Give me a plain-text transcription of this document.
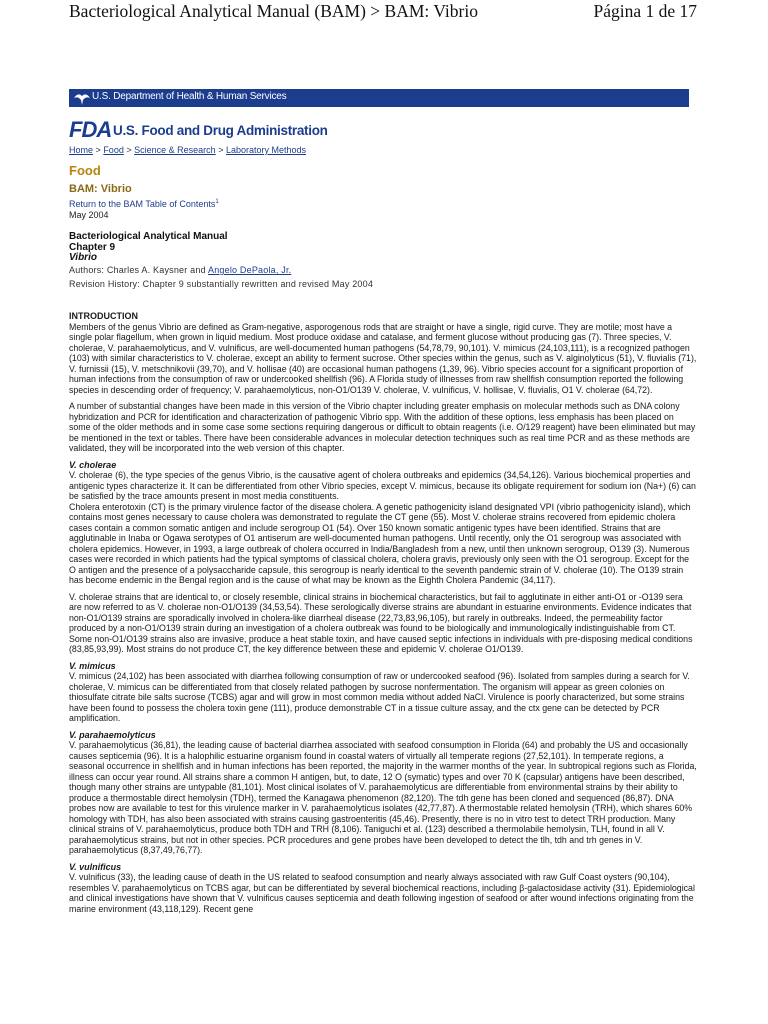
Bacteriological Analytical Manual (BAM) > BAM: Vibrio	Página 1 de 17
U.S. Department of Health & Human Services
FDA U.S. Food and Drug Administration
Home > Food > Science & Research > Laboratory Methods
Food
BAM: Vibrio
Return to the BAM Table of Contents$^1$
May 2004
Bacteriological Analytical Manual
Chapter 9
Vibrio
Authors: Charles A. Kaysner and Angelo DePaola, Jr.
Revision History: Chapter 9 substantially rewritten and revised May 2004
INTRODUCTION

Members of the genus Vibrio are defined as Gram-negative, asporogenous rods that are straight or have a single, rigid curve. They are motile; most have a single polar flagellum, when grown in liquid medium. Most produce oxidase and catalase, and ferment glucose without producing gas (7). Three species, V. cholerae, V. parahaemolyticus, and V. vulnificus, are well-documented human pathogens (54,78,79, 90,101). V. mimicus (24,103,111), is a recognized pathogen (103) with similar characteristics to V. cholerae, except an ability to ferment sucrose. Other species within the genus, such as V. alginolyticus (51), V. fluvialis (71), V. furnissii (15), V. metschnikovii (39,70), and V. hollisae (40) are occasional human pathogens (1,39, 96). Vibrio species account for a significant proportion of human infections from the consumption of raw or undercooked shellfish (96). A Florida study of illnesses from raw shellfish consumption reported the following species in descending order of frequency; V. parahaemolyticus, non-O1/O139 V. cholerae, V. vulnificus, V. hollisae, V. fluvialis, O1 V. cholerae (64,72).

A number of substantial changes have been made in this version of the Vibrio chapter including greater emphasis on molecular methods such as DNA colony hybridization and PCR for identification and characterization of pathogenic Vibrio spp. With the addition of these options, less emphasis has been placed on some of the older methods and in some case some sections requiring dangerous or difficult to obtain reagents (i.e. O/129 reagent) have been eliminated but may be mentioned in the text or tables. There have been considerable advances in molecular detection techniques such as real time PCR and as these methods are validated, they will be incorporated into the web version of this chapter.

V. cholerae

V. cholerae (6), the type species of the genus Vibrio, is the causative agent of cholera outbreaks and epidemics (34,54,126). Various biochemical properties and antigenic types characterize it. It can be differentiated from other Vibrio species, except V. mimicus, because its obligate requirement for sodium ion (Na+) (6) can be satisfied by the trace amounts present in most media constituents.

Cholera enterotoxin (CT) is the primary virulence factor of the disease cholera. A genetic pathogenicity island designated VPI (vibrio pathogenicity island), which contains most genes necessary to cause cholera was demonstrated to regulate the CT gene (55). Most V. cholerae strains recovered from epidemic cholera cases contain a common somatic antigen and include serogroup O1 (54). Over 150 known somatic antigenic types have been identified. Strains that are agglutinable in Inaba or Ogawa serotypes of O1 antiserum are well-documented human pathogens. Until recently, only the O1 serogroup was associated with cholera epidemics. However, in 1993, a large outbreak of cholera occurred in India/Bangladesh from a new, until then unknown serogroup, O139 (3). Numerous cases were recorded in which patients had the typical symptoms of classical cholera, cholera gravis, previously only seen with the O1 serogroup. Except for the O antigen and the presence of a polysaccharide capsule, this serogroup is nearly identical to the seventh pandemic strain of V. cholerae (10). The O139 strain has become endemic in the Bengal region and is the cause of what may be known as the Eighth Cholera Pandemic (34,117).

V. cholerae strains that are identical to, or closely resemble, clinical strains in biochemical characteristics, but fail to agglutinate in either anti-O1 or -O139 sera are now referred to as V. cholerae non-O1/O139 (34,53,54). These serologically diverse strains are abundant in estuarine environments. Evidence indicates that non-O1/O139 strains are sporadically involved in cholera-like diarrheal disease (22,73,83,96,105), but rarely in outbreaks. Indeed, the permeability factor produced by a non-O1/O139 strain during an investigation of a cholera outbreak was found to be biologically and immunologically indistinguishable from CT. Some non-O1/O139 strains also are invasive, produce a heat stable toxin, and have caused septic infections in individuals with pre-disposing medical conditions (83,85,93,99). Most strains do not produce CT, the key difference between these and epidemic V. cholerae O1/O139.

V. mimicus

V. mimicus (24,102) has been associated with diarrhea following consumption of raw or undercooked seafood (96). Isolated from samples during a search for V. cholerae, V. mimicus can be differentiated from that closely related pathogen by sucrose nonfermentation. The organism will appear as green colonies on thiosulfate citrate bile salts sucrose (TCBS) agar and will grow in most common media without added NaCl. Virulence is poorly characterized, but some strains have been found to possess the cholera toxin gene (111), produce demonstrable CT in a tissue culture assay, and the ctx gene can be detected by PCR amplification.

V. parahaemolyticus

V. parahaemolyticus (36,81), the leading cause of bacterial diarrhea associated with seafood consumption in Florida (64) and probably the US and occasionally causes septicemia (96). It is a halophilic estuarine organism found in coastal waters of virtually all temperate regions (27,52,101). In temperate regions, a seasonal occurrence in shellfish and in human infections has been reported, the majority in the warmer months of the year. In subtropical regions such as Florida, illness can occur year round. All strains share a common H antigen, but, to date, 12 O (symatic) types and over 70 K (capsular) antigens have been described, though many other strains are untypable (81,101). Most clinical isolates of V. parahaemolyticus are differentiable from environmental strains by their ability to produce a thermostable direct hemolysin (TDH), termed the Kanagawa phenomenon (82,120). The tdh gene has been cloned and sequenced (86,87). DNA probes now are available to test for this virulence marker in V. parahaemolyticus isolates (42,77,87). A thermostable related hemolysin (TRH), which shares 60% homology with TDH, has also been associated with strains causing gastroenteritis (45,46). Presently, there is no in vitro test to detect TRH production. Many clinical strains of V. parahaemolyticus, produce both TDH and TRH (8,106). Taniguchi et al. (123) described a thermolabile hemolysin, TLH, found in all V. parahaemolyticus strains, but not in other species. PCR procedures and gene probes have been developed to detect the tlh, tdh and trh genes in V. parahaemolyticus (8,37,49,76,77).

V. vulnificus

V. vulnificus (33), the leading cause of death in the US related to seafood consumption and nearly always associated with raw Gulf Coast oysters (90,104), resembles V. parahaemolyticus on TCBS agar, but can be differentiated by several biochemical reactions, including β-galactosidase activity (31). Epidemiological and clinical investigations have shown that V. vulnificus causes septicemia and death following ingestion of seafood or after wound infections originating from the marine environment (43,118,129). Recent gene
